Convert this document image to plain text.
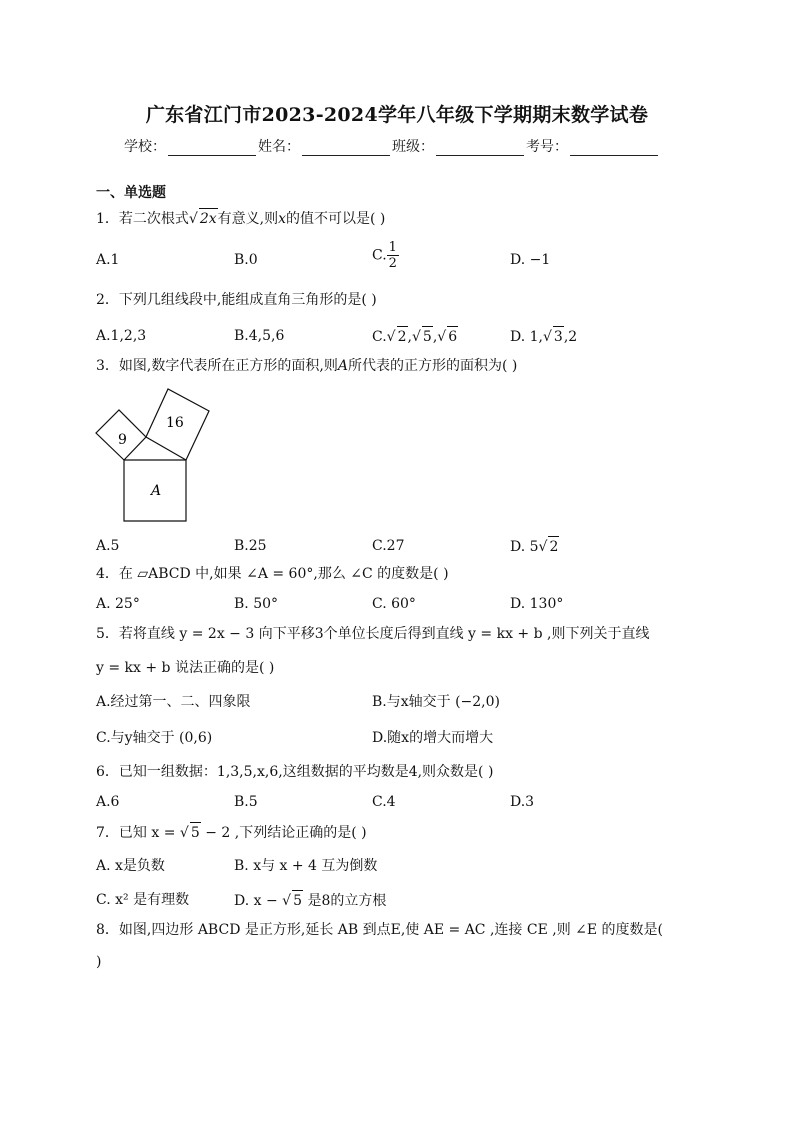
广东省江门市2023-2024学年八年级下学期期末数学试卷
学校：	姓名：	班级：	考号：
一、单选题
1．若二次根式√ 2x有意义,则x的值不可以是( )
A.1	B.0	C. $\frac{1}{2}$	D. −1
2．下列几组线段中,能组成直角三角形的是( )
A.1,2,3	B.4,5,6	C.√ 2,√ 5,√ 6	D. 1,√ 3,2
3．如图,数字代表所在正方形的面积,则A所代表的正方形的面积为( )
9
16
A
A.5	B.25	C.27	D. 5√ 2
4．在 ▱ABCD 中,如果 ∠A = 60°,那么 ∠C 的度数是( )
A. 25°	B. 50°	C. 60°	D. 130°
5．若将直线 y = 2x − 3 向下平移3个单位长度后得到直线 y = kx + b ,则下列关于直线
y = kx + b 说法正确的是( )
A.经过第一、二、四象限	B.与x轴交于 (−2,0)
C.与y轴交于 (0,6)	D.随x的增大而增大
6．已知一组数据：1,3,5,x,6,这组数据的平均数是4,则众数是( )
A.6	B.5	C.4	D.3
7．已知 x = √ 5 − 2 ,下列结论正确的是( )
A. x是负数	B. x与 x + 4 互为倒数
C. x² 是有理数	D. x − √ 5 是8的立方根
8．如图,四边形 ABCD 是正方形,延长 AB 到点E,使 AE = AC ,连接 CE ,则 ∠E 的度数是(
)
